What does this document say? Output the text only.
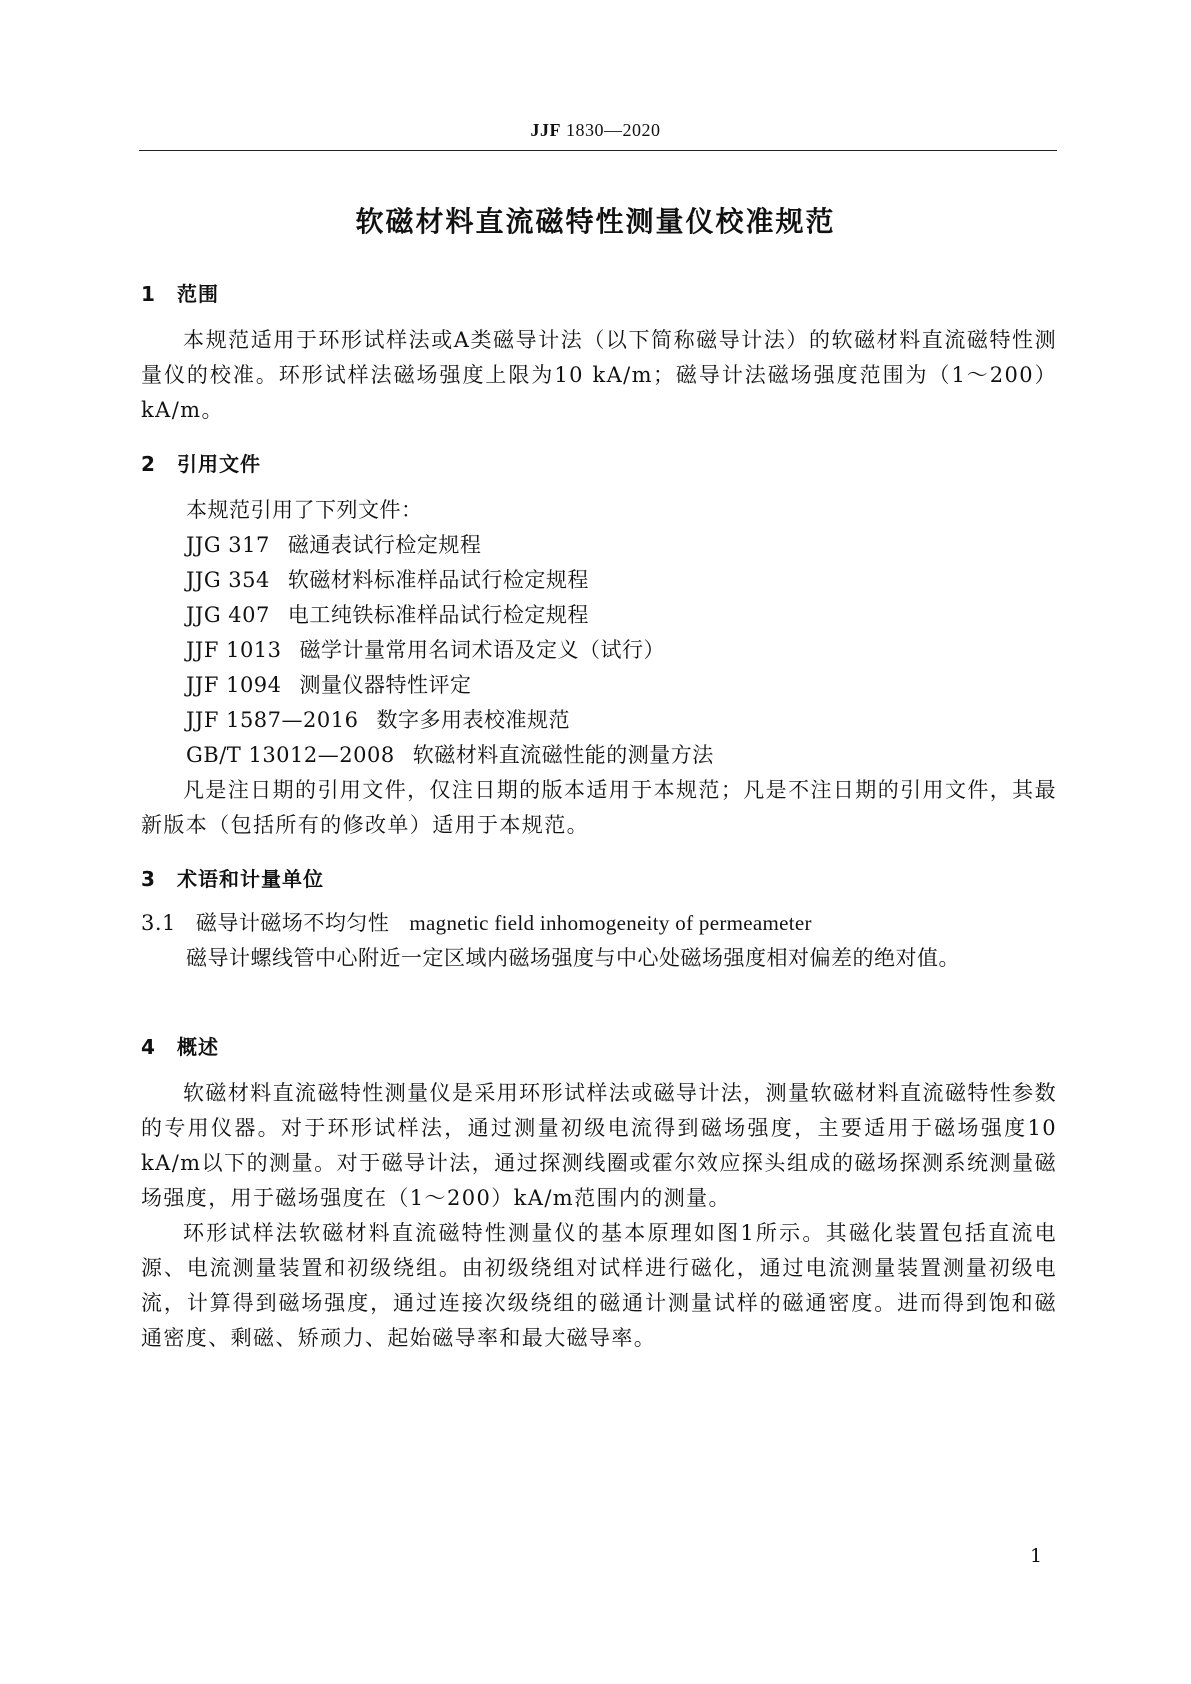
JJF 1830—2020
软磁材料直流磁特性测量仪校准规范
1 范围
本规范适用于环形试样法或A类磁导计法（以下简称磁导计法）的软磁材料直流磁特性测量仪的校准。环形试样法磁场强度上限为10 kA/m；磁导计法磁场强度范围为（1～200）kA/m。
2 引用文件
本规范引用了下列文件：
JJG 317 磁通表试行检定规程
JJG 354 软磁材料标准样品试行检定规程
JJG 407 电工纯铁标准样品试行检定规程
JJF 1013 磁学计量常用名词术语及定义（试行）
JJF 1094 测量仪器特性评定
JJF 1587—2016 数字多用表校准规范
GB/T 13012—2008 软磁材料直流磁性能的测量方法
凡是注日期的引用文件，仅注日期的版本适用于本规范；凡是不注日期的引用文件，其最新版本（包括所有的修改单）适用于本规范。
3 术语和计量单位
3.1 磁导计磁场不均匀性 magnetic field inhomogeneity of permeameter
磁导计螺线管中心附近一定区域内磁场强度与中心处磁场强度相对偏差的绝对值。
4 概述
软磁材料直流磁特性测量仪是采用环形试样法或磁导计法，测量软磁材料直流磁特性参数的专用仪器。对于环形试样法，通过测量初级电流得到磁场强度，主要适用于磁场强度10 kA/m以下的测量。对于磁导计法，通过探测线圈或霍尔效应探头组成的磁场探测系统测量磁场强度，用于磁场强度在（1～200）kA/m范围内的测量。
环形试样法软磁材料直流磁特性测量仪的基本原理如图1所示。其磁化装置包括直流电源、电流测量装置和初级绕组。由初级绕组对试样进行磁化，通过电流测量装置测量初级电流，计算得到磁场强度，通过连接次级绕组的磁通计测量试样的磁通密度。进而得到饱和磁通密度、剩磁、矫顽力、起始磁导率和最大磁导率。
1
